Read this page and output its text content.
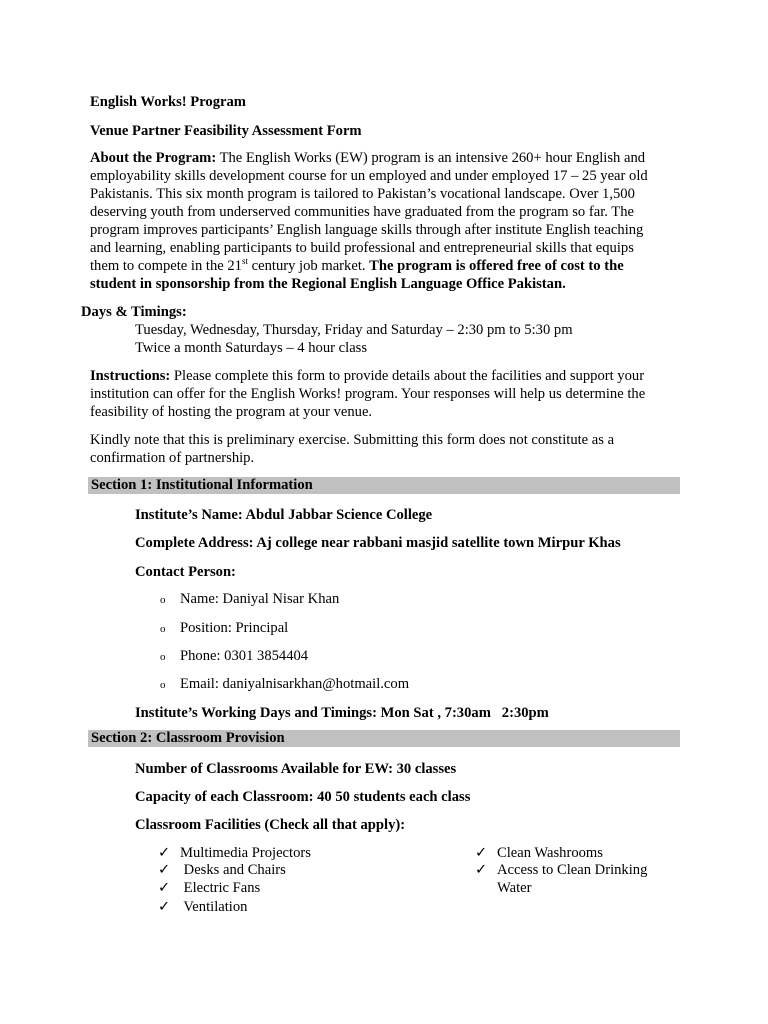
English Works! Program
Venue Partner Feasibility Assessment Form
About the Program: The English Works (EW) program is an intensive 260+ hour English and
employability skills development course for un employed and under employed 17 – 25 year old
Pakistanis. This six month program is tailored to Pakistan’s vocational landscape. Over 1,500
deserving youth from underserved communities have graduated from the program so far. The
program improves participants’ English language skills through after institute English teaching
and learning, enabling participants to build professional and entrepreneurial skills that equips
them to compete in the 21st century job market. The program is offered free of cost to the
student in sponsorship from the Regional English Language Office Pakistan.
Days & Timings:
Tuesday, Wednesday, Thursday, Friday and Saturday – 2:30 pm to 5:30 pm
Twice a month Saturdays – 4 hour class
Instructions: Please complete this form to provide details about the facilities and support your
institution can offer for the English Works! program. Your responses will help us determine the
feasibility of hosting the program at your venue.
Kindly note that this is preliminary exercise. Submitting this form does not constitute as a
confirmation of partnership.
Section 1: Institutional Information
Institute’s Name: Abdul Jabbar Science College
Complete Address: Aj college near rabbani masjid satellite town Mirpur Khas
Contact Person:
o Name: Daniyal Nisar Khan
o Position: Principal
o Phone: 0301 3854404
o Email: daniyalnisarkhan@hotmail.com
Institute’s Working Days and Timings: Mon Sat , 7:30am   2:30pm
Section 2: Classroom Provision
Number of Classrooms Available for EW: 30 classes
Capacity of each Classroom: 40 50 students each class
Classroom Facilities (Check all that apply):
✓ Multimedia Projectors
✓ Desks and Chairs
✓ Electric Fans
✓ Ventilation
✓ Clean Washrooms
✓ Access to Clean Drinking
Water
